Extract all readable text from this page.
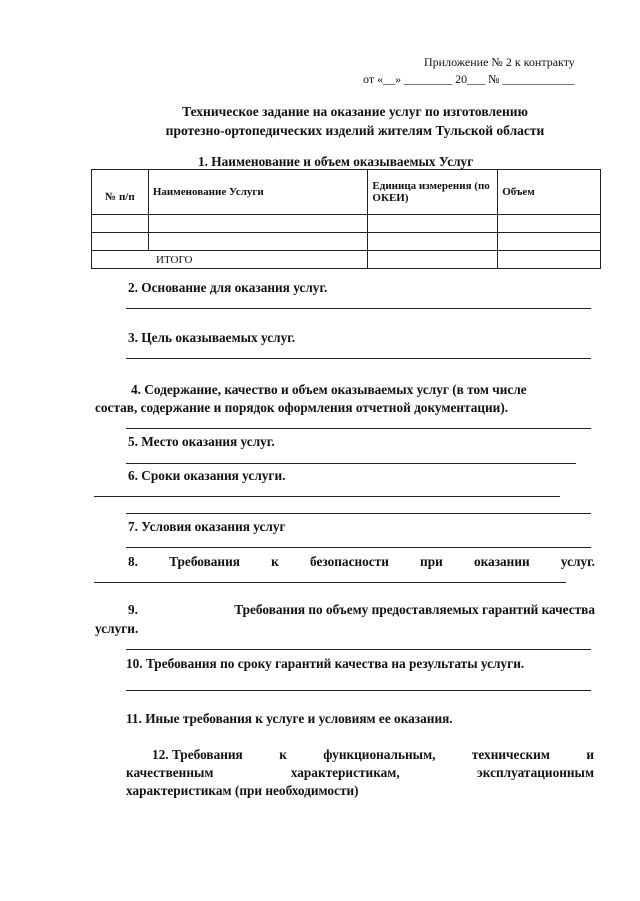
Приложение № 2 к контракту
от «__» ________ 20___ № ____________
Техническое задание на оказание услуг по изготовлению
протезно-ортопедических изделий жителям Тульской области
1. Наименование и объем оказываемых Услуг
№ п/п	Наименование Услуги	Единица измерения (по ОКЕИ)	Объем

ИТОГО			
2. Основание для оказания услуг.
3. Цель оказываемых услуг.
4. Содержание, качество и объем оказываемых услуг (в том числе
состав, содержание и порядок оформления отчетной документации).
5. Место оказания услуг.
6. Сроки оказания услуги.
7. Условия оказания услуг
8. Требования к безопасности при оказании услуг.
9.	Требования по объему предоставляемых гарантий качества
услуги.
10. Требования по сроку гарантий качества на результаты услуги.
11. Иные требования к услуге и условиям ее оказания.
12. Требования	к	функциональным,	техническим	и
качественным	характеристикам,	эксплуатационным
характеристикам (при необходимости)
